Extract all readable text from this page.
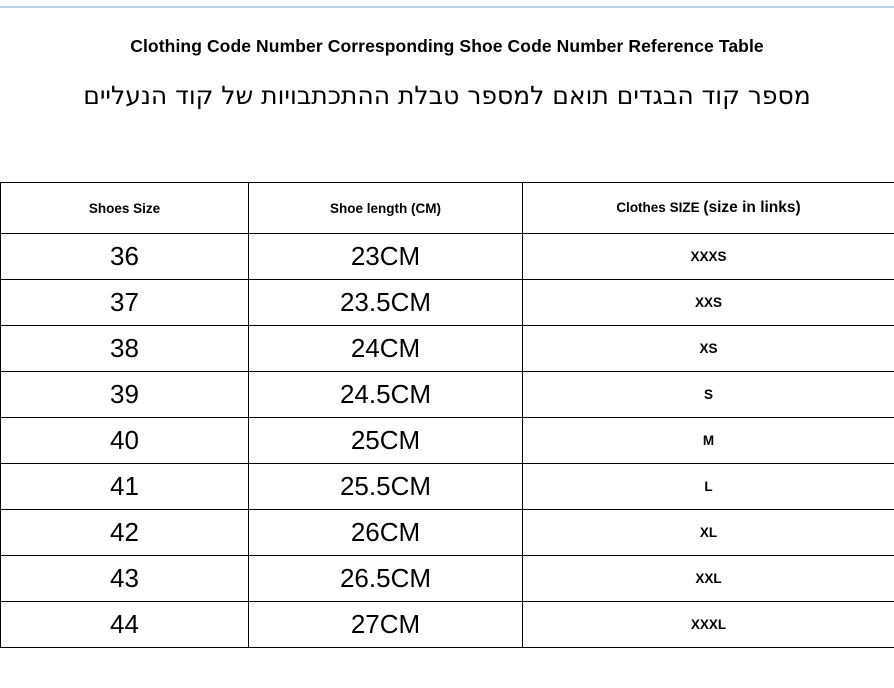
Clothing Code Number Corresponding Shoe Code Number Reference Table

מספר קוד הבגדים תואם למספר טבלת ההתכתבויות של קוד הנעליים

Shoes Size	Shoe length (CM)	Clothes SIZE (size in links)
36	23CM	XXXS
37	23.5CM	XXS
38	24CM	XS
39	24.5CM	S
40	25CM	M
41	25.5CM	L
42	26CM	XL
43	26.5CM	XXL
44	27CM	XXXL
